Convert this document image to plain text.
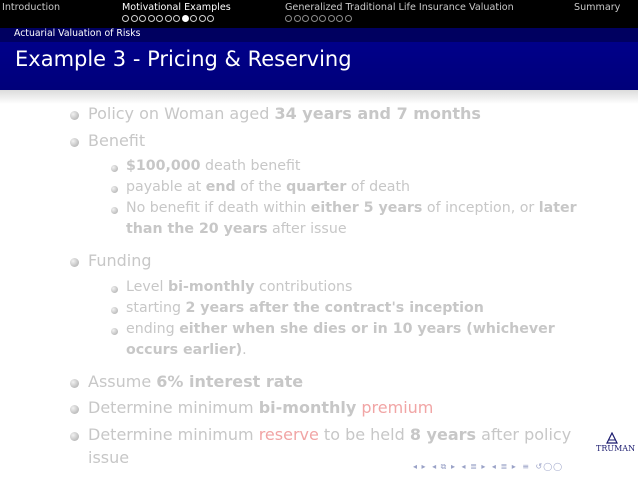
Introduction	Motivational Examples	Generalized Traditional Life Insurance Valuation	Summary
Actuarial Valuation of Risks
Example 3 - Pricing & Reserving
Policy on Woman aged 34 years and 7 months
Benefit
$100,000 death benefit
payable at end of the quarter of death
No benefit if death within either 5 years of inception, or later
than the 20 years after issue
Funding
Level bi-monthly contributions
starting 2 years after the contract's inception
ending either when she dies or in 10 years (whichever
occurs earlier).
Assume 6% interest rate
Determine minimum bi-monthly premium
Determine minimum reserve to be held 8 years after policy
issue	TRUMAN
◂ ▸ ◂ ⧉ ▸ ◂ ≣ ▸ ◂ ≣ ▸ ≡ ↺◯◯
